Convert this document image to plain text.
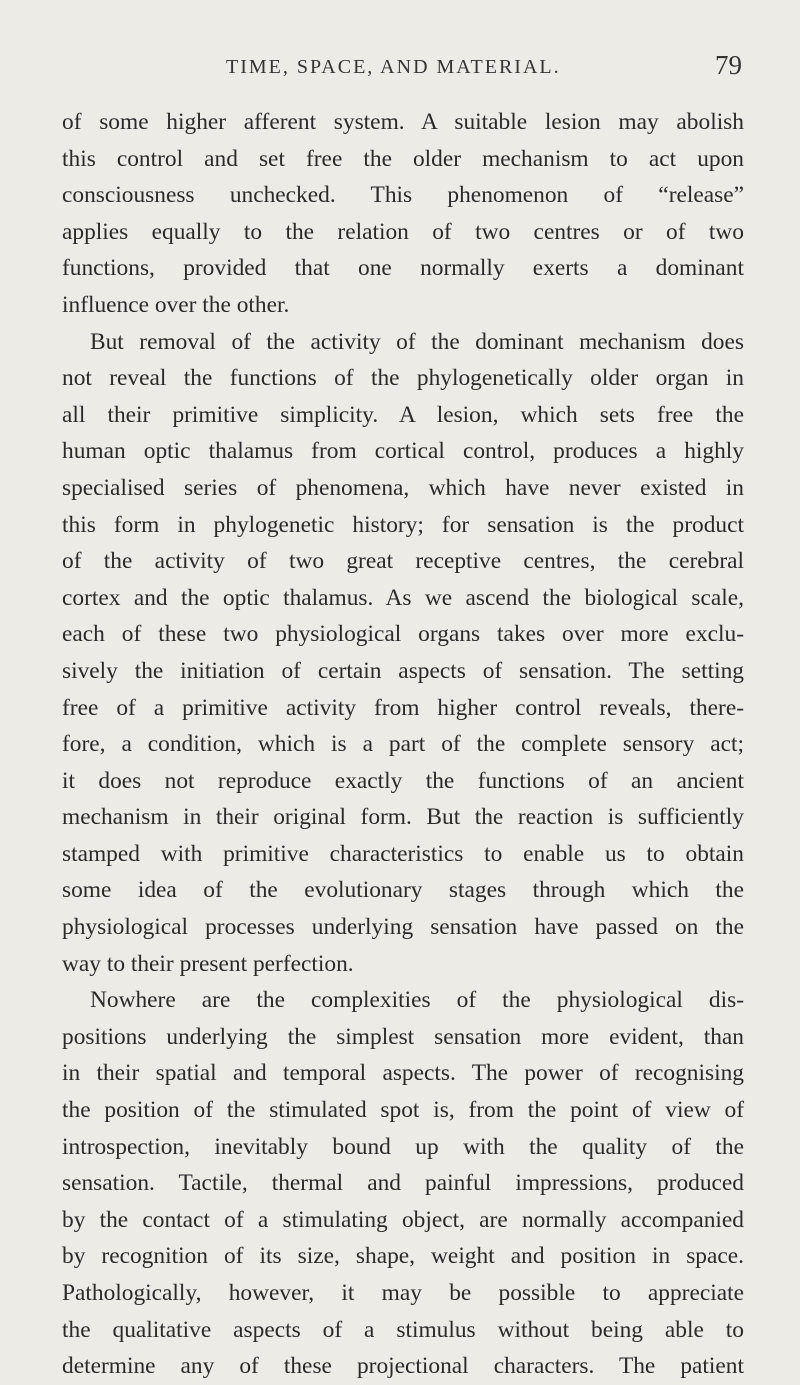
TIME, SPACE, AND MATERIAL.	79
of some higher afferent system. A suitable lesion may abolish
this control and set free the older mechanism to act upon
consciousness unchecked. This phenomenon of “release”
applies equally to the relation of two centres or of two
functions, provided that one normally exerts a dominant
influence over the other.
But removal of the activity of the dominant mechanism does
not reveal the functions of the phylogenetically older organ in
all their primitive simplicity. A lesion, which sets free the
human optic thalamus from cortical control, produces a highly
specialised series of phenomena, which have never existed in
this form in phylogenetic history; for sensation is the product
of the activity of two great receptive centres, the cerebral
cortex and the optic thalamus. As we ascend the biological scale,
each of these two physiological organs takes over more exclu-
sively the initiation of certain aspects of sensation. The setting
free of a primitive activity from higher control reveals, there-
fore, a condition, which is a part of the complete sensory act;
it does not reproduce exactly the functions of an ancient
mechanism in their original form. But the reaction is sufficiently
stamped with primitive characteristics to enable us to obtain
some idea of the evolutionary stages through which the
physiological processes underlying sensation have passed on the
way to their present perfection.
Nowhere are the complexities of the physiological dis-
positions underlying the simplest sensation more evident, than
in their spatial and temporal aspects. The power of recognising
the position of the stimulated spot is, from the point of view of
introspection, inevitably bound up with the quality of the
sensation. Tactile, thermal and painful impressions, produced
by the contact of a stimulating object, are normally accompanied
by recognition of its size, shape, weight and position in space.
Pathologically, however, it may be possible to appreciate
the qualitative aspects of a stimulus without being able to
determine any of these projectional characters. The patient
